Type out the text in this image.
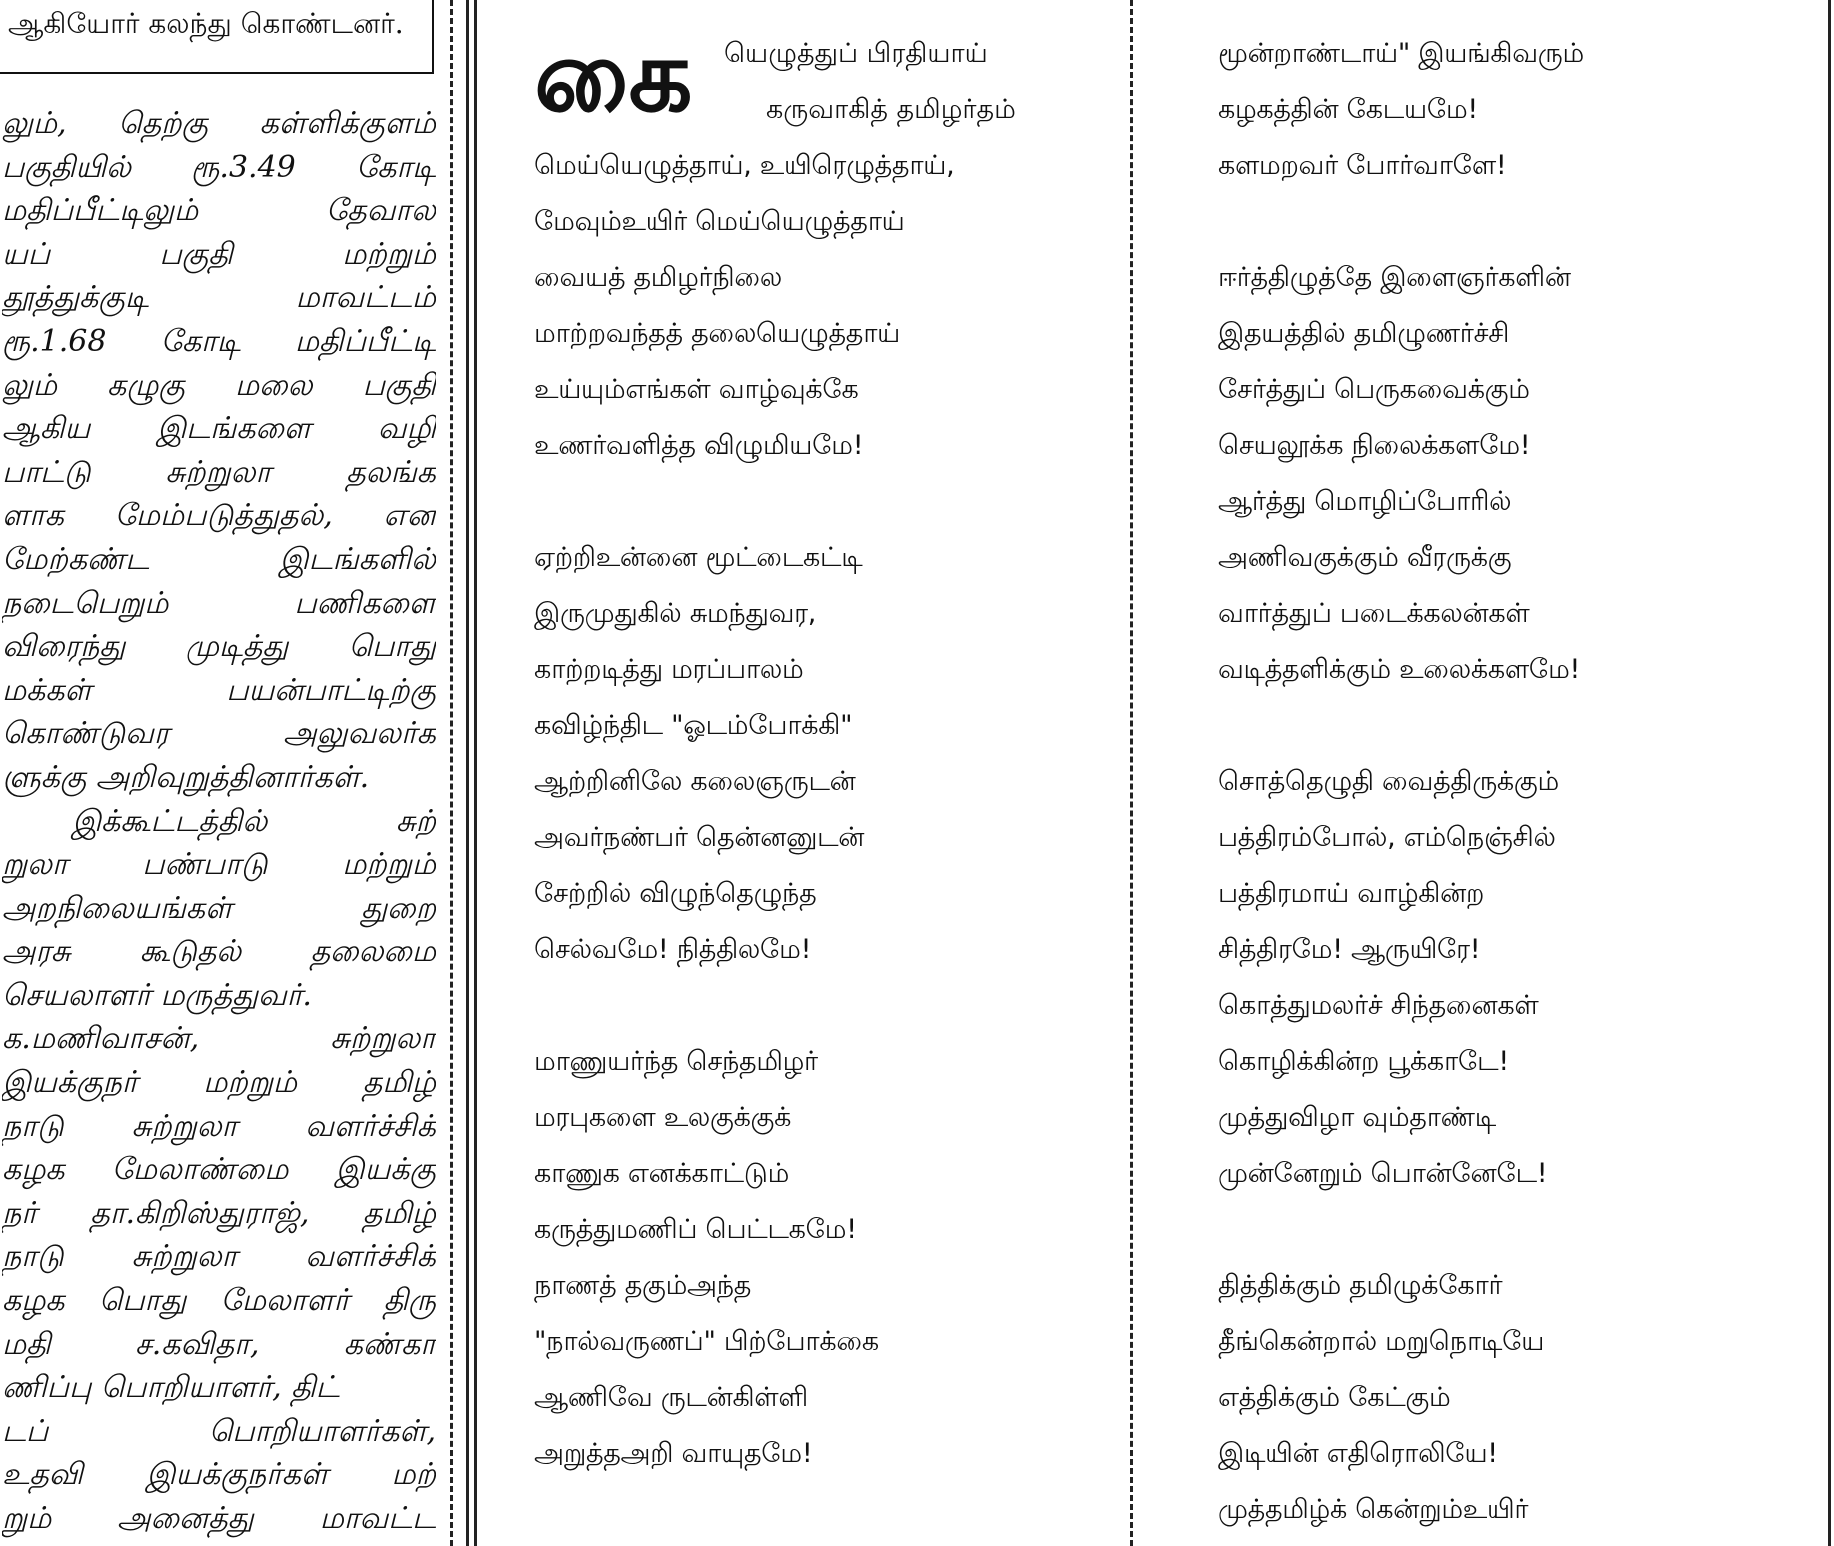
ஆகியோர் கலந்து கொண்டனர்.
லும், தெற்கு கள்ளிக்குளம்
பகுதியில் ரூ.3.49 கோடி
மதிப்பீட்டிலும் தேவால
யப் பகுதி மற்றும்
தூத்துக்குடி மாவட்டம்
ரூ.1.68 கோடி மதிப்பீட்டி
லும் கழுகு மலை பகுதி
ஆகிய இடங்களை வழி
பாட்டு சுற்றுலா தலங்க
ளாக மேம்படுத்துதல், என
மேற்கண்ட இடங்களில்
நடைபெறும் பணிகளை
விரைந்து முடித்து பொது
மக்கள் பயன்பாட்டிற்கு
கொண்டுவர அலுவலர்க
ளுக்கு அறிவுறுத்தினார்கள்.
இக்கூட்டத்தில் சுற்
றுலா பண்பாடு மற்றும்
அறநிலையங்கள் துறை
அரசு கூடுதல் தலைமை
செயலாளர் மருத்துவர்.
க.மணிவாசன், சுற்றுலா
இயக்குநர் மற்றும் தமிழ்
நாடு சுற்றுலா வளர்ச்சிக்
கழக மேலாண்மை இயக்கு
நர் தா.கிறிஸ்துராஜ், தமிழ்
நாடு சுற்றுலா வளர்ச்சிக்
கழக பொது மேலாளர் திரு
மதி ச.கவிதா, கண்கா
ணிப்பு பொறியாளர், திட்
டப் பொறியாளர்கள்,
உதவி இயக்குநர்கள் மற்
றும் அனைத்து மாவட்ட
கை யெழுத்துப் பிரதியாய்
கருவாகித் தமிழர்தம்
மெய்யெழுத்தாய், உயிரெழுத்தாய்,
மேவும்உயிர் மெய்யெழுத்தாய்
வையத் தமிழர்நிலை
மாற்றவந்தத் தலையெழுத்தாய்
உய்யும்எங்கள் வாழ்வுக்கே
உணர்வளித்த விழுமியமே!
ஏற்றிஉன்னை மூட்டைகட்டி
இருமுதுகில் சுமந்துவர,
காற்றடித்து மரப்பாலம்
கவிழ்ந்திட "ஓடம்போக்கி"
ஆற்றினிலே கலைஞருடன்
அவர்நண்பர் தென்னனுடன்
சேற்றில் விழுந்தெழுந்த
செல்வமே! நித்திலமே!
மாணுயர்ந்த செந்தமிழர்
மரபுகளை உலகுக்குக்
காணுக எனக்காட்டும்
கருத்துமணிப் பெட்டகமே!
நாணத் தகும்அந்த
"நால்வருணப்" பிற்போக்கை
ஆணிவே ருடன்கிள்ளி
அறுத்தஅறி வாயுதமே!
மூன்றாண்டாய்" இயங்கிவரும்
கழகத்தின் கேடயமே!
களமறவர் போர்வாளே!
ஈர்த்திழுத்தே இளைஞர்களின்
இதயத்தில் தமிழுணர்ச்சி
சேர்த்துப் பெருகவைக்கும்
செயலூக்க நிலைக்களமே!
ஆர்த்து மொழிப்போரில்
அணிவகுக்கும் வீரருக்கு
வார்த்துப் படைக்கலன்கள்
வடித்தளிக்கும் உலைக்களமே!
சொத்தெழுதி வைத்திருக்கும்
பத்திரம்போல், எம்நெஞ்சில்
பத்திரமாய் வாழ்கின்ற
சித்திரமே! ஆருயிரே!
கொத்துமலர்ச் சிந்தனைகள்
கொழிக்கின்ற பூக்காடே!
முத்துவிழா வும்தாண்டி
முன்னேறும் பொன்னேடே!
தித்திக்கும் தமிழுக்கோர்
தீங்கென்றால் மறுநொடியே
எத்திக்கும் கேட்கும்
இடியின் எதிரொலியே!
முத்தமிழ்க் கென்றும்உயிர்
